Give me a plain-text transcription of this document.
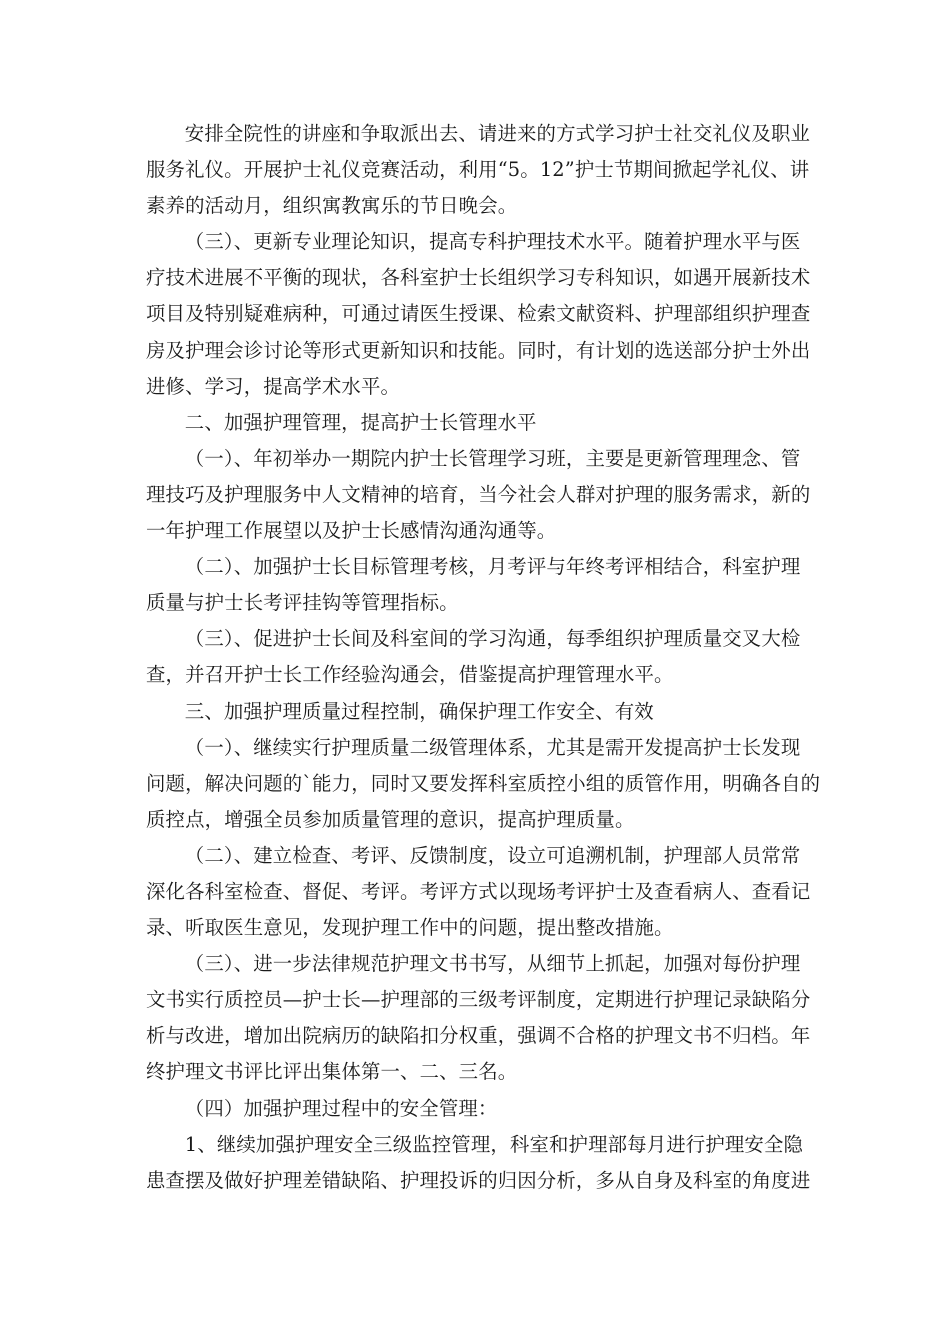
安排全院性的讲座和争取派出去、请进来的方式学习护士社交礼仪及职业
服务礼仪。开展护士礼仪竞赛活动，利用“5。12”护士节期间掀起学礼仪、讲
素养的活动月，组织寓教寓乐的节日晚会。

（三）、更新专业理论知识，提高专科护理技术水平。随着护理水平与医
疗技术进展不平衡的现状，各科室护士长组织学习专科知识，如遇开展新技术
项目及特别疑难病种，可通过请医生授课、检索文献资料、护理部组织护理查
房及护理会诊讨论等形式更新知识和技能。同时，有计划的选送部分护士外出
进修、学习，提高学术水平。

二、加强护理管理，提高护士长管理水平

（一）、年初举办一期院内护士长管理学习班，主要是更新管理理念、管
理技巧及护理服务中人文精神的培育，当今社会人群对护理的服务需求，新的
一年护理工作展望以及护士长感情沟通沟通等。

（二）、加强护士长目标管理考核，月考评与年终考评相结合，科室护理
质量与护士长考评挂钩等管理指标。

（三）、促进护士长间及科室间的学习沟通，每季组织护理质量交叉大检
查，并召开护士长工作经验沟通会，借鉴提高护理管理水平。

三、加强护理质量过程控制，确保护理工作安全、有效

（一）、继续实行护理质量二级管理体系，尤其是需开发提高护士长发现
问题，解决问题的`能力，同时又要发挥科室质控小组的质管作用，明确各自的
质控点，增强全员参加质量管理的意识，提高护理质量。

（二）、建立检查、考评、反馈制度，设立可追溯机制，护理部人员常常
深化各科室检查、督促、考评。考评方式以现场考评护士及查看病人、查看记
录、听取医生意见，发现护理工作中的问题，提出整改措施。

（三）、进一步法律规范护理文书书写，从细节上抓起，加强对每份护理
文书实行质控员—护士长—护理部的三级考评制度，定期进行护理记录缺陷分
析与改进，增加出院病历的缺陷扣分权重，强调不合格的护理文书不归档。年
终护理文书评比评出集体第一、二、三名。

（四）加强护理过程中的安全管理：

1、继续加强护理安全三级监控管理，科室和护理部每月进行护理安全隐
患查摆及做好护理差错缺陷、护理投诉的归因分析，多从自身及科室的角度进
